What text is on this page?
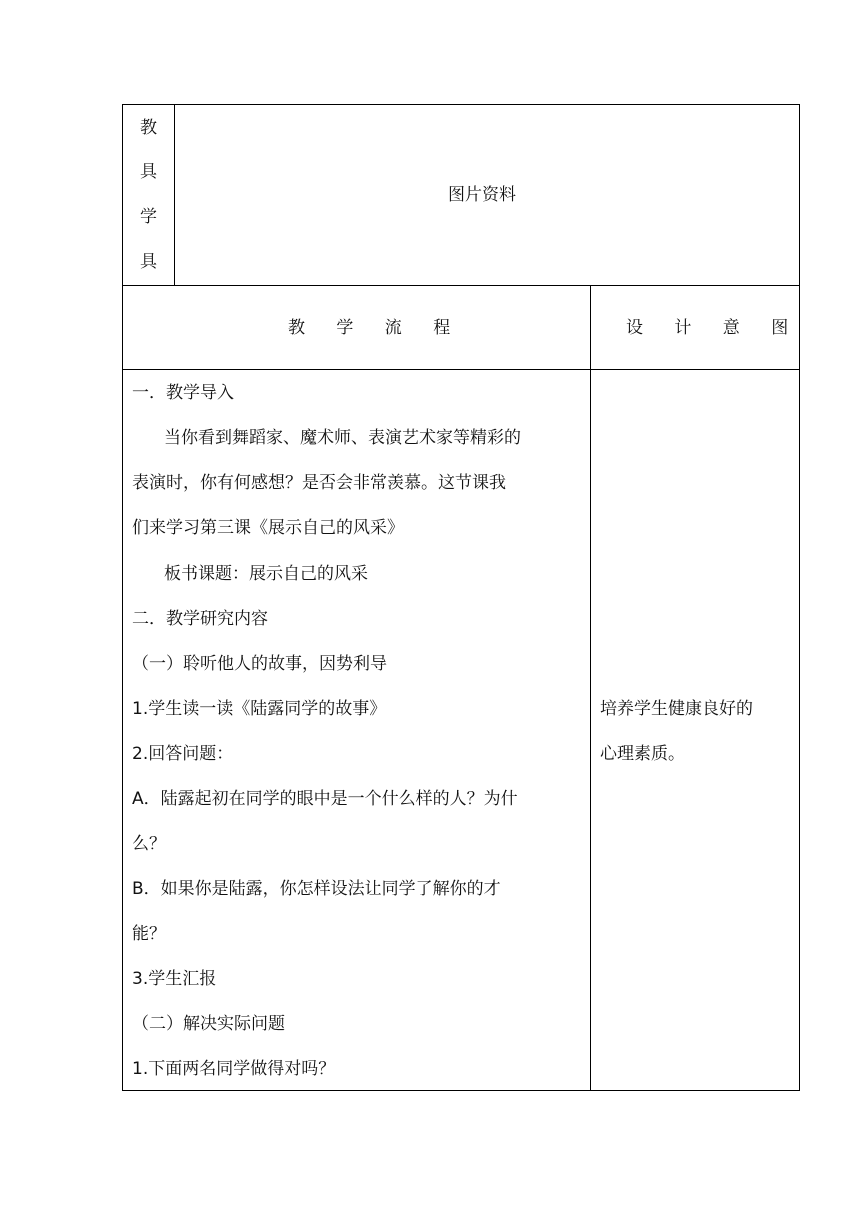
教
具
学
具
图片资料
教 学 流 程	设 计 意 图
一．教学导入
当你看到舞蹈家、魔术师、表演艺术家等精彩的
表演时，你有何感想？是否会非常羡慕。这节课我
们来学习第三课《展示自己的风采》
板书课题：展示自己的风采
二．教学研究内容
（一）聆听他人的故事，因势利导
1.学生读一读《陆露同学的故事》
2.回答问题：
A．陆露起初在同学的眼中是一个什么样的人？为什
么？
B．如果你是陆露，你怎样设法让同学了解你的才
能？
3.学生汇报
（二）解决实际问题
1.下面两名同学做得对吗？
培养学生健康良好的
心理素质。
